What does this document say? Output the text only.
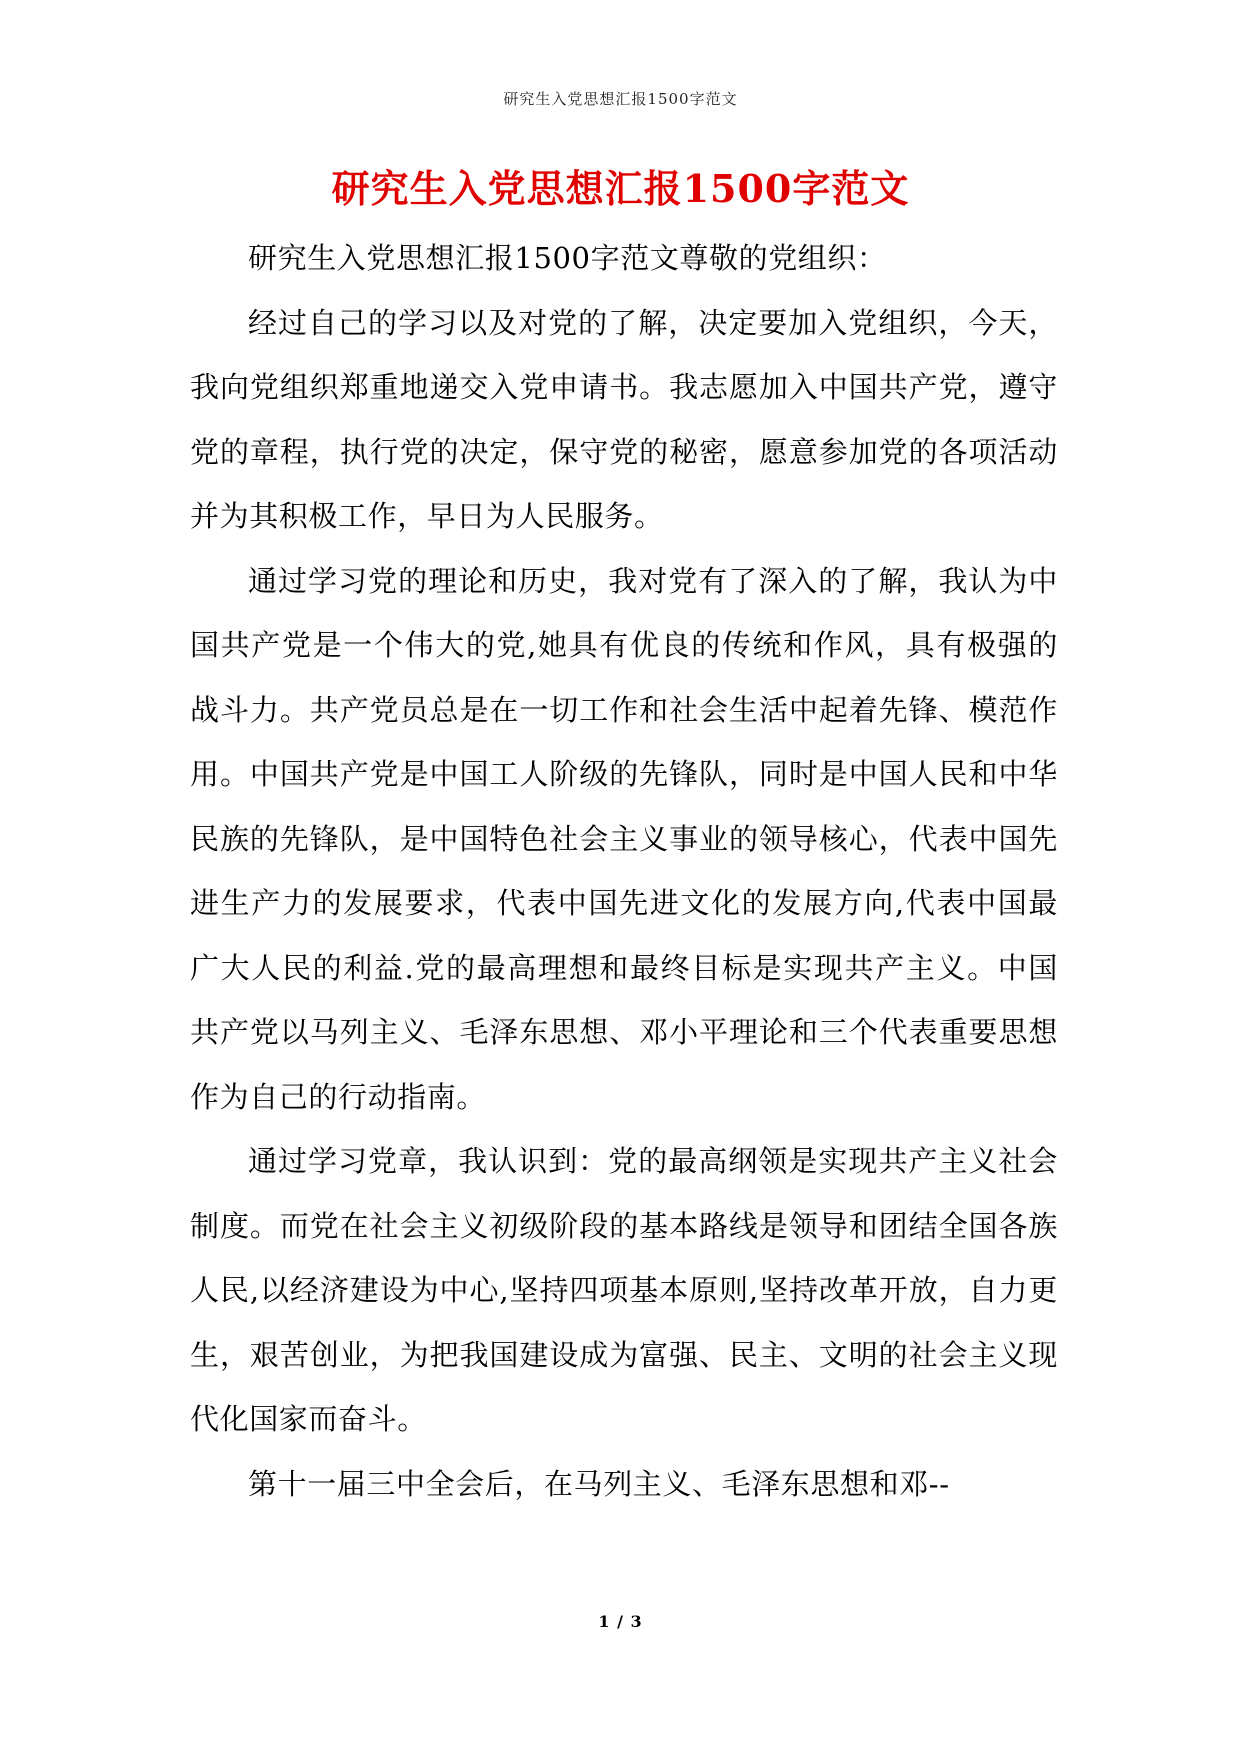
研究生入党思想汇报1500字范文
研究生入党思想汇报1500字范文

研究生入党思想汇报1500字范文尊敬的党组织：

经过自己的学习以及对党的了解，决定要加入党组织，今天，我向党组织郑重地递交入党申请书。我志愿加入中国共产党，遵守党的章程，执行党的决定，保守党的秘密，愿意参加党的各项活动并为其积极工作，早日为人民服务。

通过学习党的理论和历史，我对党有了深入的了解，我认为中国共产党是一个伟大的党,她具有优良的传统和作风，具有极强的战斗力。共产党员总是在一切工作和社会生活中起着先锋、模范作用。中国共产党是中国工人阶级的先锋队，同时是中国人民和中华民族的先锋队，是中国特色社会主义事业的领导核心，代表中国先进生产力的发展要求，代表中国先进文化的发展方向,代表中国最广大人民的利益.党的最高理想和最终目标是实现共产主义。中国共产党以马列主义、毛泽东思想、邓小平理论和三个代表重要思想作为自己的行动指南。

通过学习党章，我认识到：党的最高纲领是实现共产主义社会制度。而党在社会主义初级阶段的基本路线是领导和团结全国各族人民,以经济建设为中心,坚持四项基本原则,坚持改革开放，自力更生，艰苦创业，为把我国建设成为富强、民主、文明的社会主义现代化国家而奋斗。

第十一届三中全会后，在马列主义、毛泽东思想和邓--

1 / 3
